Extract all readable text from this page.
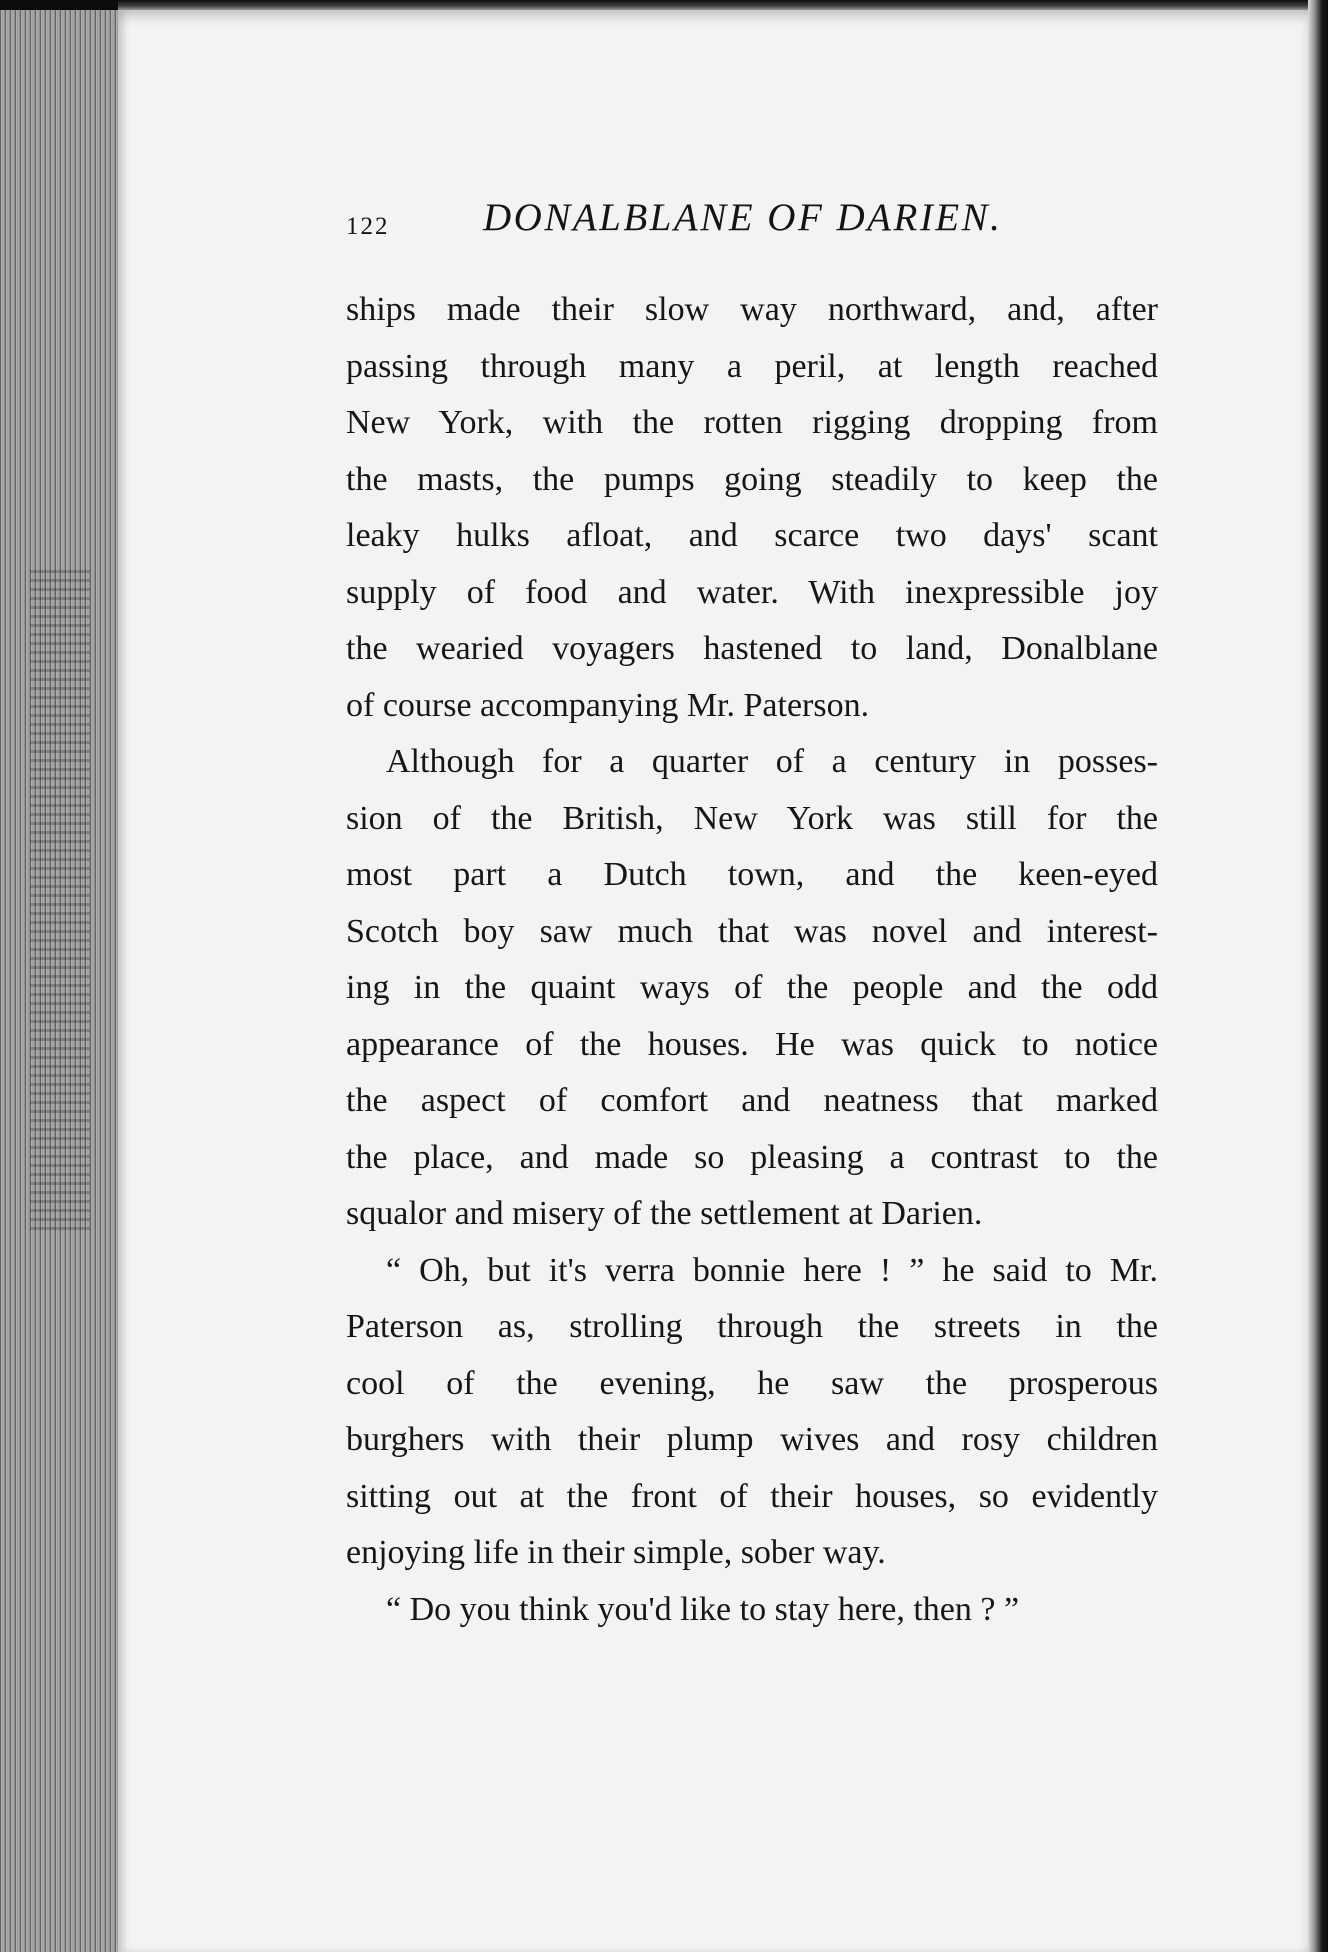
122 DONALBLANE OF DARIEN.
ships made their slow way northward, and, after
passing through many a peril, at length reached
New York, with the rotten rigging dropping from
the masts, the pumps going steadily to keep the
leaky hulks afloat, and scarce two days' scant
supply of food and water. With inexpressible joy
the wearied voyagers hastened to land, Donalblane
of course accompanying Mr. Paterson.
Although for a quarter of a century in posses-
sion of the British, New York was still for the
most part a Dutch town, and the keen-eyed
Scotch boy saw much that was novel and interest-
ing in the quaint ways of the people and the odd
appearance of the houses. He was quick to notice
the aspect of comfort and neatness that marked
the place, and made so pleasing a contrast to the
squalor and misery of the settlement at Darien.
“ Oh, but it's verra bonnie here ! ” he said to Mr.
Paterson as, strolling through the streets in the
cool of the evening, he saw the prosperous
burghers with their plump wives and rosy children
sitting out at the front of their houses, so evidently
enjoying life in their simple, sober way.
“ Do you think you'd like to stay here, then ? ”
